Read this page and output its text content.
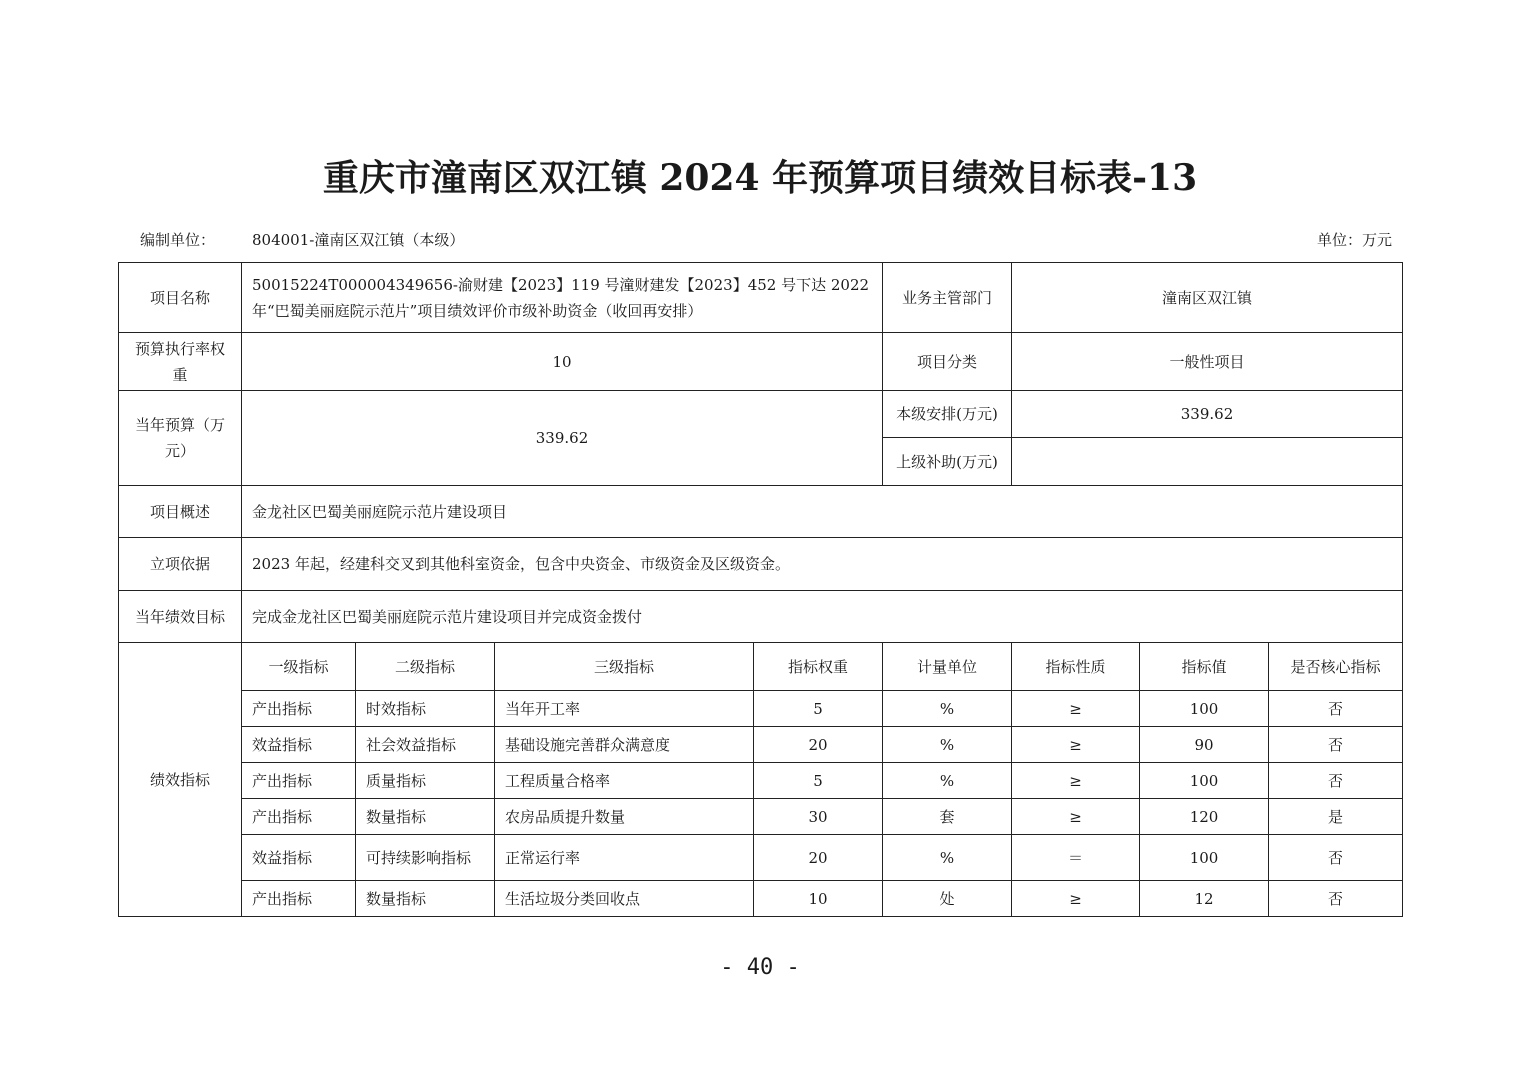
重庆市潼南区双江镇 2024 年预算项目绩效目标表-13
编制单位： 804001-潼南区双江镇（本级）	单位：万元
项目名称	50015224T000004349656-渝财建【2023】119 号潼财建发【2023】452 号下达 2022 年“巴蜀美丽庭院示范片”项目绩效评价市级补助资金（收回再安排）				业务主管部门	潼南区双江镇		
预算执行率权重	10				项目分类	一般性项目		
当年预算（万元）	339.62				本级安排(万元)	339.62		
					上级补助(万元)			
项目概述	金龙社区巴蜀美丽庭院示范片建设项目							
立项依据	2023 年起，经建科交叉到其他科室资金，包含中央资金、市级资金及区级资金。							
当年绩效目标	完成金龙社区巴蜀美丽庭院示范片建设项目并完成资金拨付							
绩效指标	一级指标	二级指标	三级指标	指标权重	计量单位	指标性质	指标值	是否核心指标
	产出指标	时效指标	当年开工率	5	%	≥	100	否
	效益指标	社会效益指标	基础设施完善群众满意度	20	%	≥	90	否
	产出指标	质量指标	工程质量合格率	5	%	≥	100	否
	产出指标	数量指标	农房品质提升数量	30	套	≥	120	是
	效益指标	可持续影响指标	正常运行率	20	%	＝	100	否
	产出指标	数量指标	生活垃圾分类回收点	10	处	≥	12	否
- 40 -
